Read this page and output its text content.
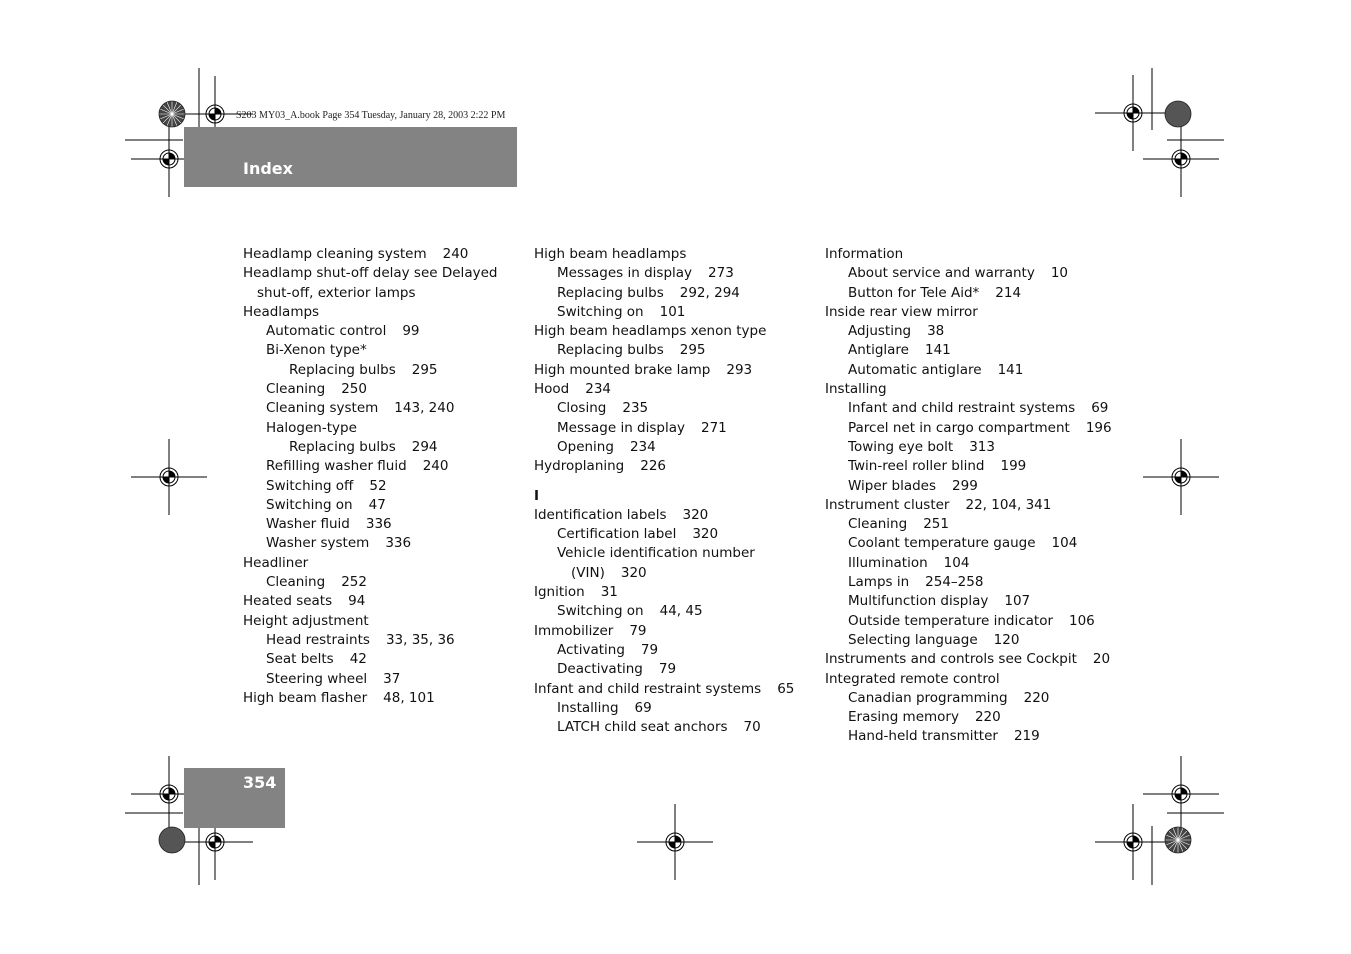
S203 MY03_A.book Page 354 Tuesday, January 28, 2003 2:22 PM
Index
Headlamp cleaning system 240
Headlamp shut-off delay see Delayed
shut-off, exterior lamps
Headlamps
Automatic control 99
Bi-Xenon type*
Replacing bulbs 295
Cleaning 250
Cleaning system 143, 240
Halogen-type
Replacing bulbs 294
Refilling washer fluid 240
Switching off 52
Switching on 47
Washer fluid 336
Washer system 336
Headliner
Cleaning 252
Heated seats 94
Height adjustment
Head restraints 33, 35, 36
Seat belts 42
Steering wheel 37
High beam flasher 48, 101
High beam headlamps
Messages in display 273
Replacing bulbs 292, 294
Switching on 101
High beam headlamps xenon type
Replacing bulbs 295
High mounted brake lamp 293
Hood 234
Closing 235
Message in display 271
Opening 234
Hydroplaning 226
I
Identification labels 320
Certification label 320
Vehicle identification number
(VIN) 320
Ignition 31
Switching on 44, 45
Immobilizer 79
Activating 79
Deactivating 79
Infant and child restraint systems 65
Installing 69
LATCH child seat anchors 70
Information
About service and warranty 10
Button for Tele Aid* 214
Inside rear view mirror
Adjusting 38
Antiglare 141
Automatic antiglare 141
Installing
Infant and child restraint systems 69
Parcel net in cargo compartment 196
Towing eye bolt 313
Twin-reel roller blind 199
Wiper blades 299
Instrument cluster 22, 104, 341
Cleaning 251
Coolant temperature gauge 104
Illumination 104
Lamps in 254–258
Multifunction display 107
Outside temperature indicator 106
Selecting language 120
Instruments and controls see Cockpit 20
Integrated remote control
Canadian programming 220
Erasing memory 220
Hand-held transmitter 219
354
